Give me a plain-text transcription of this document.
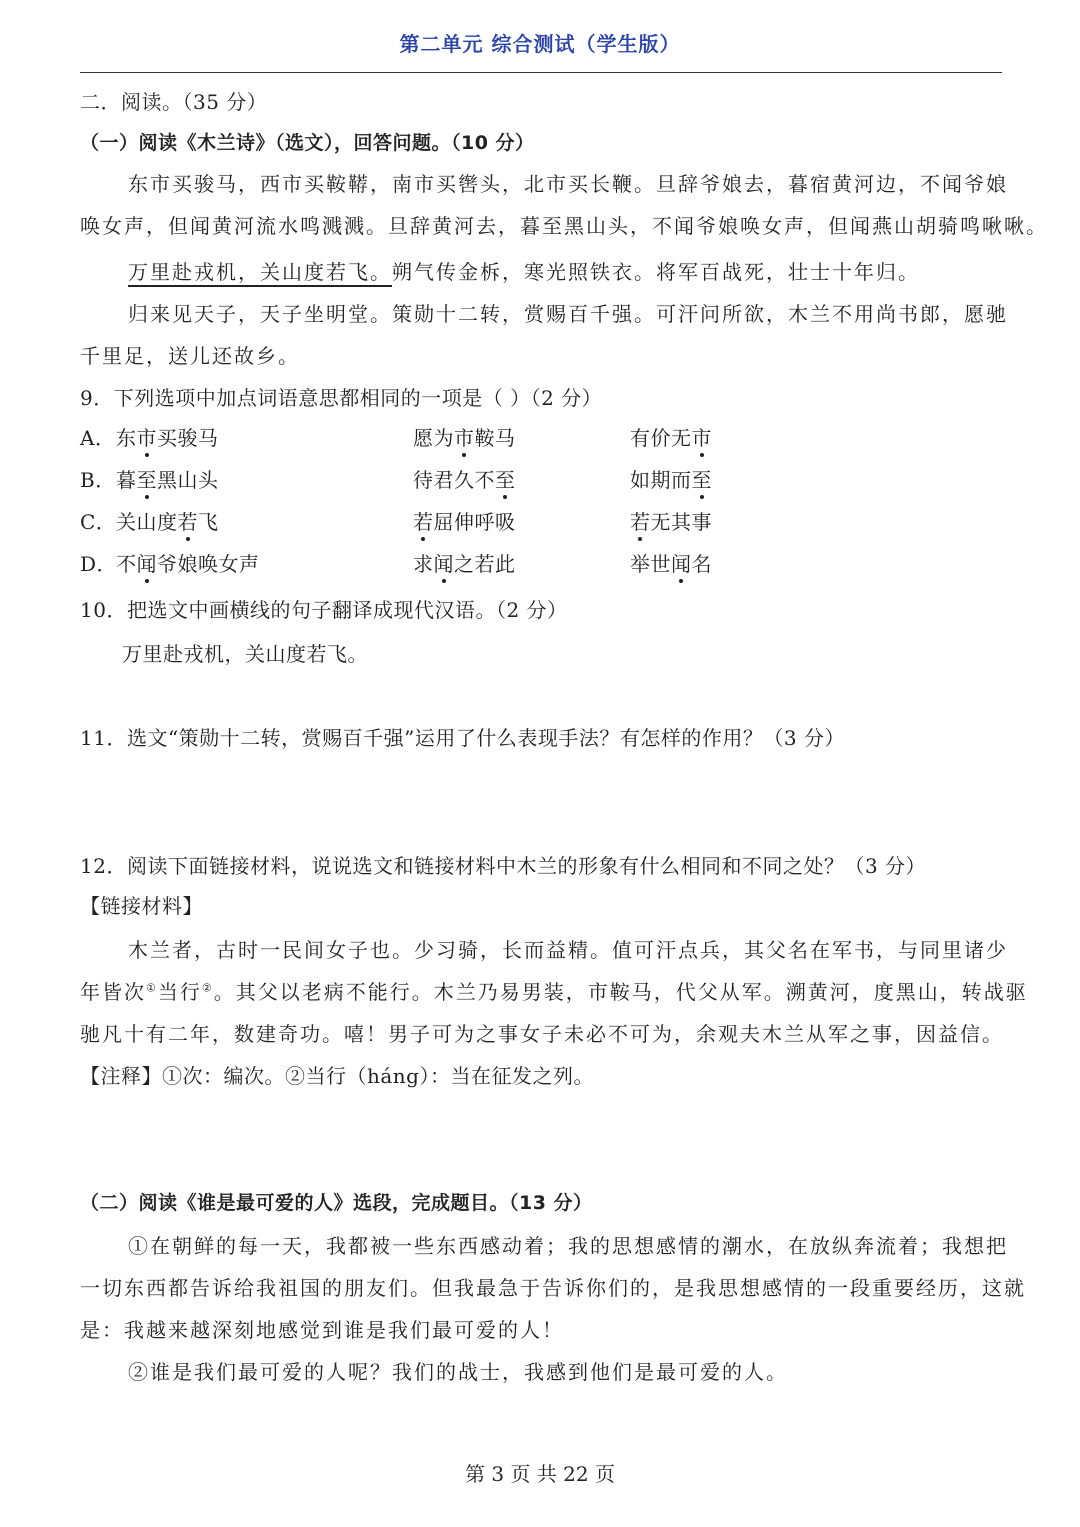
第二单元 综合测试（学生版）
二．阅读。（35 分）
（一）阅读《木兰诗》（选文），回答问题。（10 分）
东市买骏马，西市买鞍鞯，南市买辔头，北市买长鞭。旦辞爷娘去，暮宿黄河边，不闻爷娘
唤女声，但闻黄河流水鸣溅溅。旦辞黄河去，暮至黑山头，不闻爷娘唤女声，但闻燕山胡骑鸣啾啾。
万里赴戎机，关山度若飞。朔气传金柝，寒光照铁衣。将军百战死，壮士十年归。
归来见天子，天子坐明堂。策勋十二转，赏赐百千强。可汗问所欲，木兰不用尚书郎，愿驰
千里足，送儿还故乡。
9．下列选项中加点词语意思都相同的一项是（ ）（2 分）
A．东市买骏马	愿为市鞍马	有价无市
B．暮至黑山头	待君久不至	如期而至
C．关山度若飞	若屈伸呼吸	若无其事
D．不闻爷娘唤女声	求闻之若此	举世闻名
10．把选文中画横线的句子翻译成现代汉语。（2 分）
万里赴戎机，关山度若飞。
11．选文“策勋十二转，赏赐百千强”运用了什么表现手法？有怎样的作用？（3 分）
12．阅读下面链接材料，说说选文和链接材料中木兰的形象有什么相同和不同之处？（3 分）
【链接材料】
木兰者，古时一民间女子也。少习骑，长而益精。值可汗点兵，其父名在军书，与同里诸少
年皆次①当行②。其父以老病不能行。木兰乃易男装，市鞍马，代父从军。溯黄河，度黑山，转战驱
驰凡十有二年，数建奇功。嘻！男子可为之事女子未必不可为，余观夫木兰从军之事，因益信。
【注释】①次：编次。②当行（háng）：当在征发之列。
（二）阅读《谁是最可爱的人》选段，完成题目。（13 分）
①在朝鲜的每一天，我都被一些东西感动着；我的思想感情的潮水，在放纵奔流着；我想把
一切东西都告诉给我祖国的朋友们。但我最急于告诉你们的，是我思想感情的一段重要经历，这就
是：我越来越深刻地感觉到谁是我们最可爱的人！
②谁是我们最可爱的人呢？我们的战士，我感到他们是最可爱的人。
第 3 页 共 22 页
